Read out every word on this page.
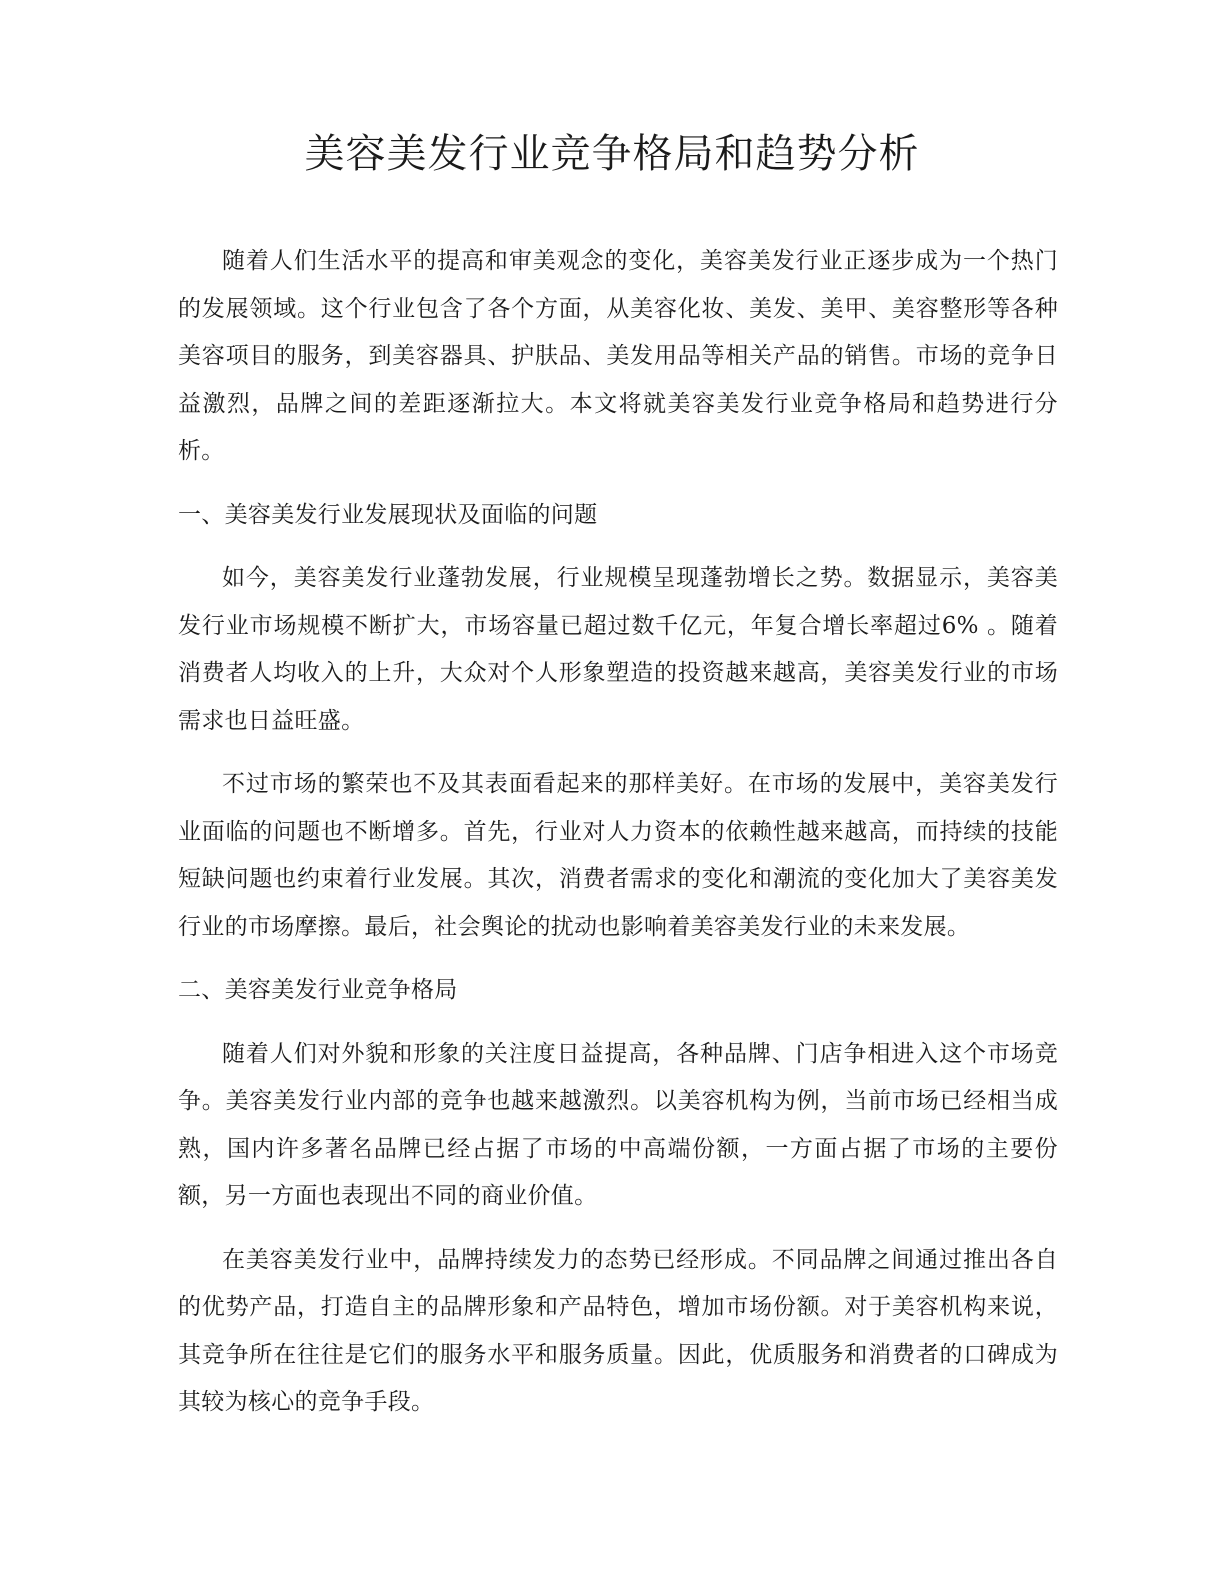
美容美发行业竞争格局和趋势分析

随着人们生活水平的提高和审美观念的变化，美容美发行业正逐步成为一个热门的发展领域。这个行业包含了各个方面，从美容化妆、美发、美甲、美容整形等各种美容项目的服务，到美容器具、护肤品、美发用品等相关产品的销售。市场的竞争日益激烈，品牌之间的差距逐渐拉大。本文将就美容美发行业竞争格局和趋势进行分析。

一、美容美发行业发展现状及面临的问题

如今，美容美发行业蓬勃发展，行业规模呈现蓬勃增长之势。数据显示，美容美发行业市场规模不断扩大，市场容量已超过数千亿元，年复合增长率超过6% 。随着消费者人均收入的上升，大众对个人形象塑造的投资越来越高，美容美发行业的市场需求也日益旺盛。

不过市场的繁荣也不及其表面看起来的那样美好。在市场的发展中，美容美发行业面临的问题也不断增多。首先，行业对人力资本的依赖性越来越高，而持续的技能短缺问题也约束着行业发展。其次，消费者需求的变化和潮流的变化加大了美容美发行业的市场摩擦。最后，社会舆论的扰动也影响着美容美发行业的未来发展。

二、美容美发行业竞争格局

随着人们对外貌和形象的关注度日益提高，各种品牌、门店争相进入这个市场竞争。美容美发行业内部的竞争也越来越激烈。以美容机构为例，当前市场已经相当成熟，国内许多著名品牌已经占据了市场的中高端份额，一方面占据了市场的主要份额，另一方面也表现出不同的商业价值。

在美容美发行业中，品牌持续发力的态势已经形成。不同品牌之间通过推出各自的优势产品，打造自主的品牌形象和产品特色，增加市场份额。对于美容机构来说，其竞争所在往往是它们的服务水平和服务质量。因此，优质服务和消费者的口碑成为其较为核心的竞争手段。
